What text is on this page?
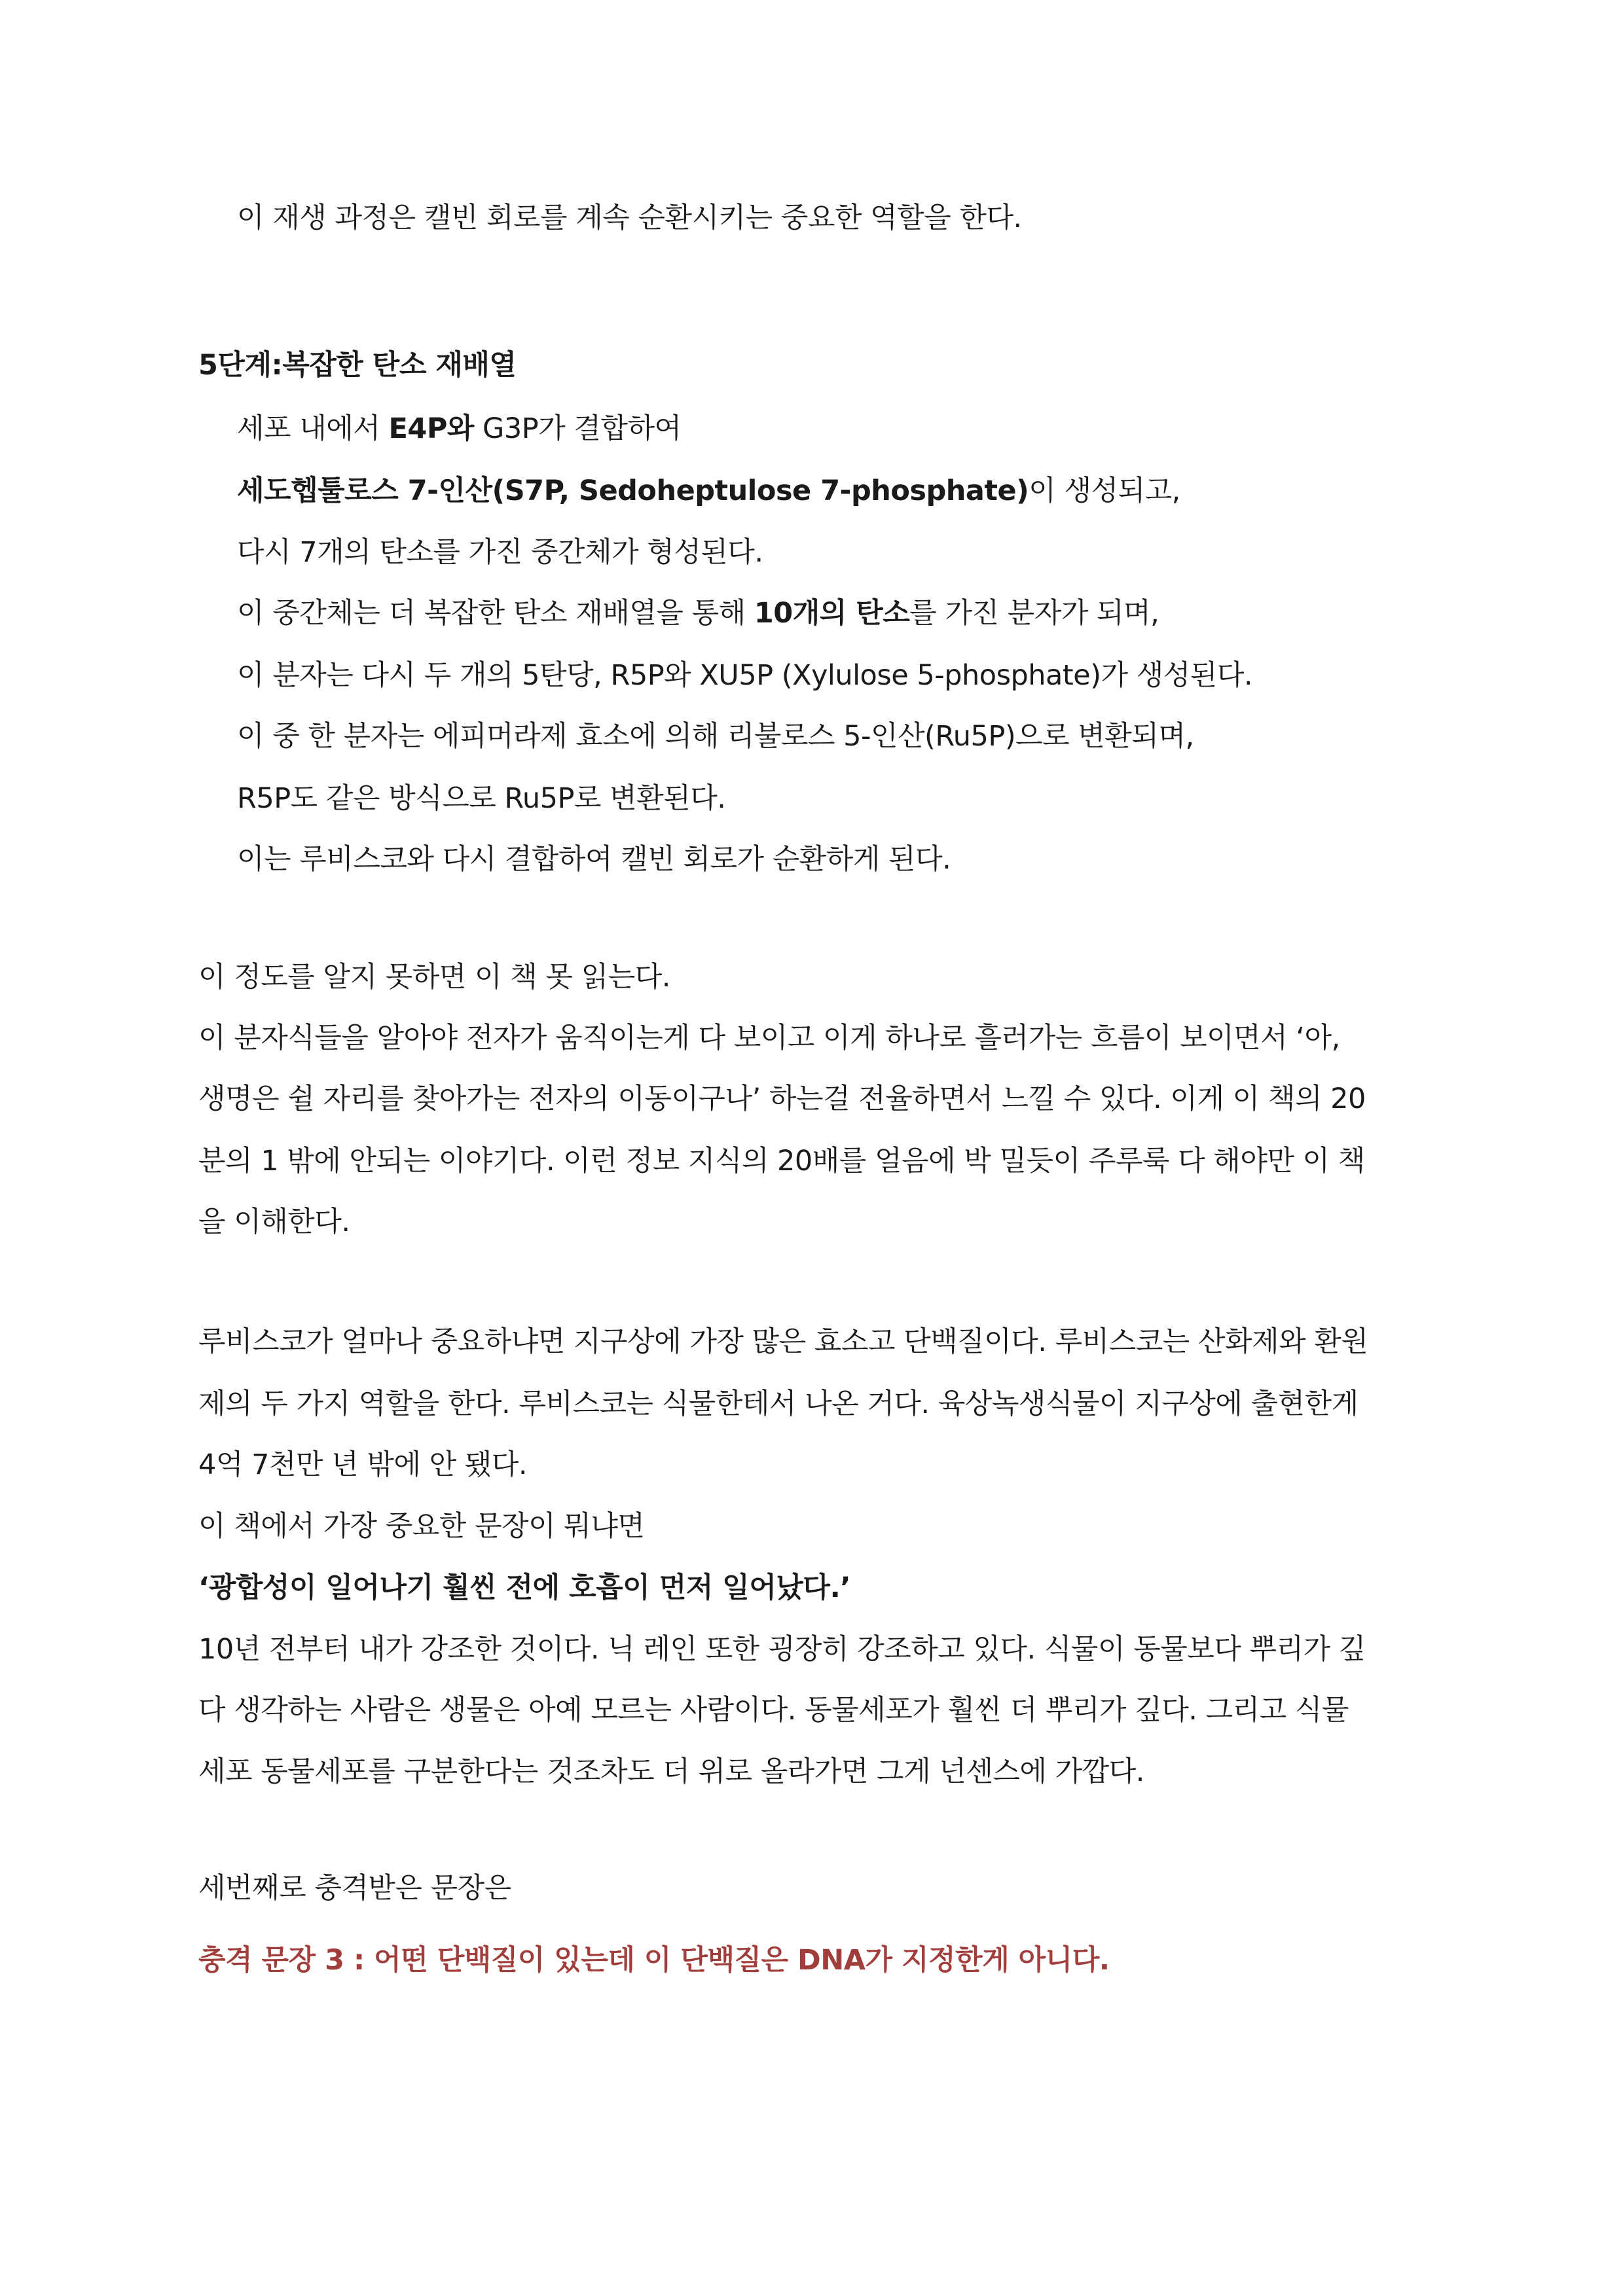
이 재생 과정은 캘빈 회로를 계속 순환시키는 중요한 역할을 한다.
5단계:복잡한 탄소 재배열
세포 내에서 E4P와 G3P가 결합하여
세도헵툴로스 7-인산(S7P, Sedoheptulose 7-phosphate)이 생성되고,
다시 7개의 탄소를 가진 중간체가 형성된다.
이 중간체는 더 복잡한 탄소 재배열을 통해 10개의 탄소를 가진 분자가 되며,
이 분자는 다시 두 개의 5탄당, R5P와 XU5P (Xylulose 5-phosphate)가 생성된다.
이 중 한 분자는 에피머라제 효소에 의해 리불로스 5-인산(Ru5P)으로 변환되며,
R5P도 같은 방식으로 Ru5P로 변환된다.
이는 루비스코와 다시 결합하여 캘빈 회로가 순환하게 된다.
이 정도를 알지 못하면 이 책 못 읽는다.
이 분자식들을 알아야 전자가 움직이는게 다 보이고 이게 하나로 흘러가는 흐름이 보이면서 ‘아,
생명은 쉴 자리를 찾아가는 전자의 이동이구나’ 하는걸 전율하면서 느낄 수 있다. 이게 이 책의 20
분의 1 밖에 안되는 이야기다. 이런 정보 지식의 20배를 얼음에 박 밀듯이 주루룩 다 해야만 이 책
을 이해한다.
루비스코가 얼마나 중요하냐면 지구상에 가장 많은 효소고 단백질이다. 루비스코는 산화제와 환원
제의 두 가지 역할을 한다. 루비스코는 식물한테서 나온 거다. 육상녹생식물이 지구상에 출현한게
4억 7천만 년 밖에 안 됐다.
이 책에서 가장 중요한 문장이 뭐냐면
‘광합성이 일어나기 훨씬 전에 호흡이 먼저 일어났다.’
10년 전부터 내가 강조한 것이다. 닉 레인 또한 굉장히 강조하고 있다. 식물이 동물보다 뿌리가 깊
다 생각하는 사람은 생물은 아예 모르는 사람이다. 동물세포가 훨씬 더 뿌리가 깊다. 그리고 식물
세포 동물세포를 구분한다는 것조차도 더 위로 올라가면 그게 넌센스에 가깝다.
세번째로 충격받은 문장은
충격 문장 3 : 어떤 단백질이 있는데 이 단백질은 DNA가 지정한게 아니다.
